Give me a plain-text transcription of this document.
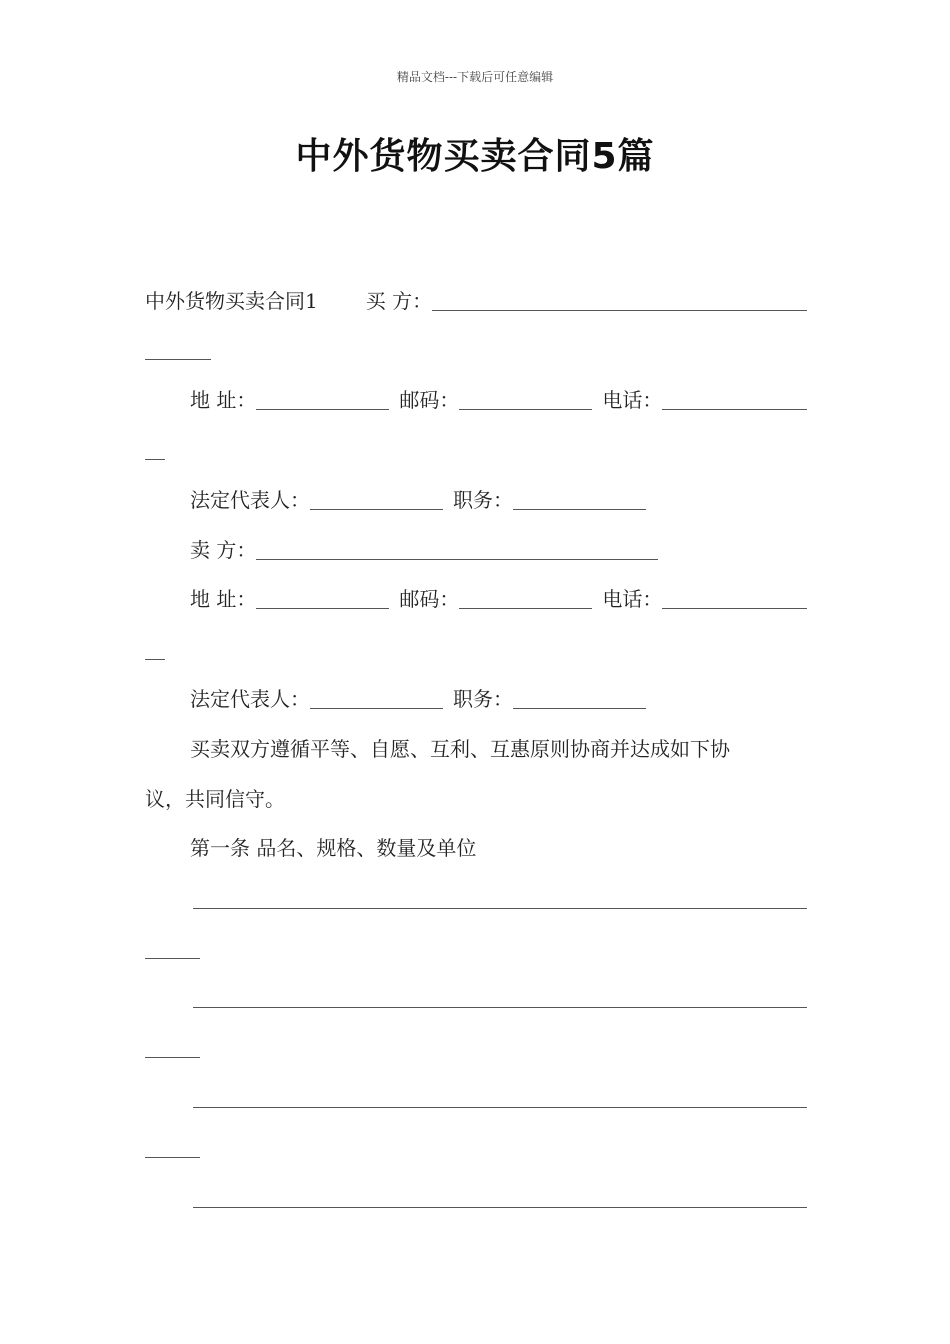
精品文档---下载后可任意编辑
中外货物买卖合同5篇
中外货物买卖合同1 买 方：
地 址：	邮码：	电话：
法定代表人：	职务：
卖 方：
地 址：	邮码：	电话：
法定代表人：	职务：
买卖双方遵循平等、自愿、互利、互惠原则协商并达成如下协
议，共同信守。
第一条 品名、规格、数量及单位
